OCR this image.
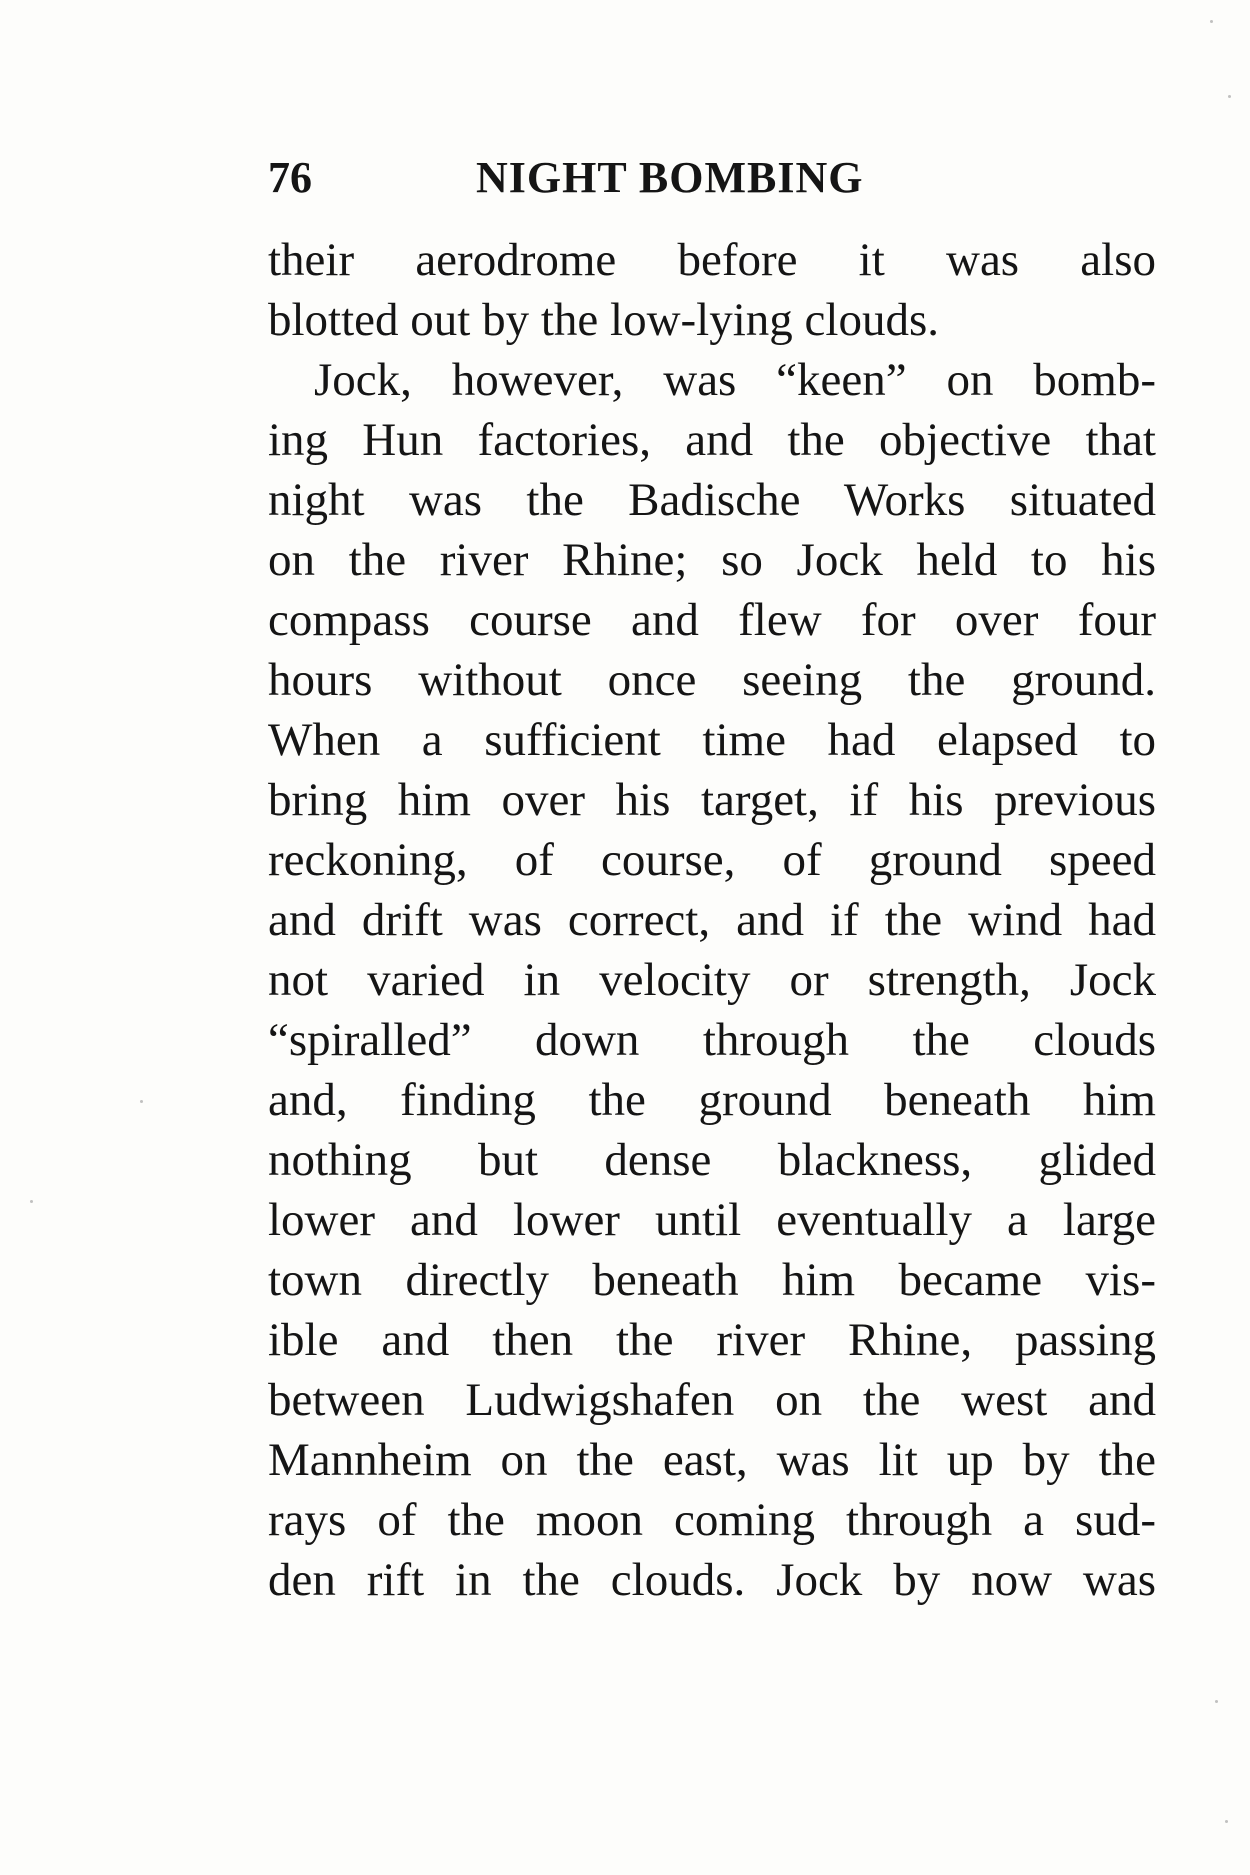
76	NIGHT BOMBING
their aerodrome before it was also
blotted out by the low-lying clouds.
Jock, however, was “keen” on bomb-
ing Hun factories, and the objective that
night was the Badische Works situated
on the river Rhine; so Jock held to his
compass course and flew for over four
hours without once seeing the ground.
When a sufficient time had elapsed to
bring him over his target, if his previous
reckoning, of course, of ground speed
and drift was correct, and if the wind had
not varied in velocity or strength, Jock
“spiralled” down through the clouds
and, finding the ground beneath him
nothing but dense blackness, glided
lower and lower until eventually a large
town directly beneath him became vis-
ible and then the river Rhine, passing
between Ludwigshafen on the west and
Mannheim on the east, was lit up by the
rays of the moon coming through a sud-
den rift in the clouds. Jock by now was
